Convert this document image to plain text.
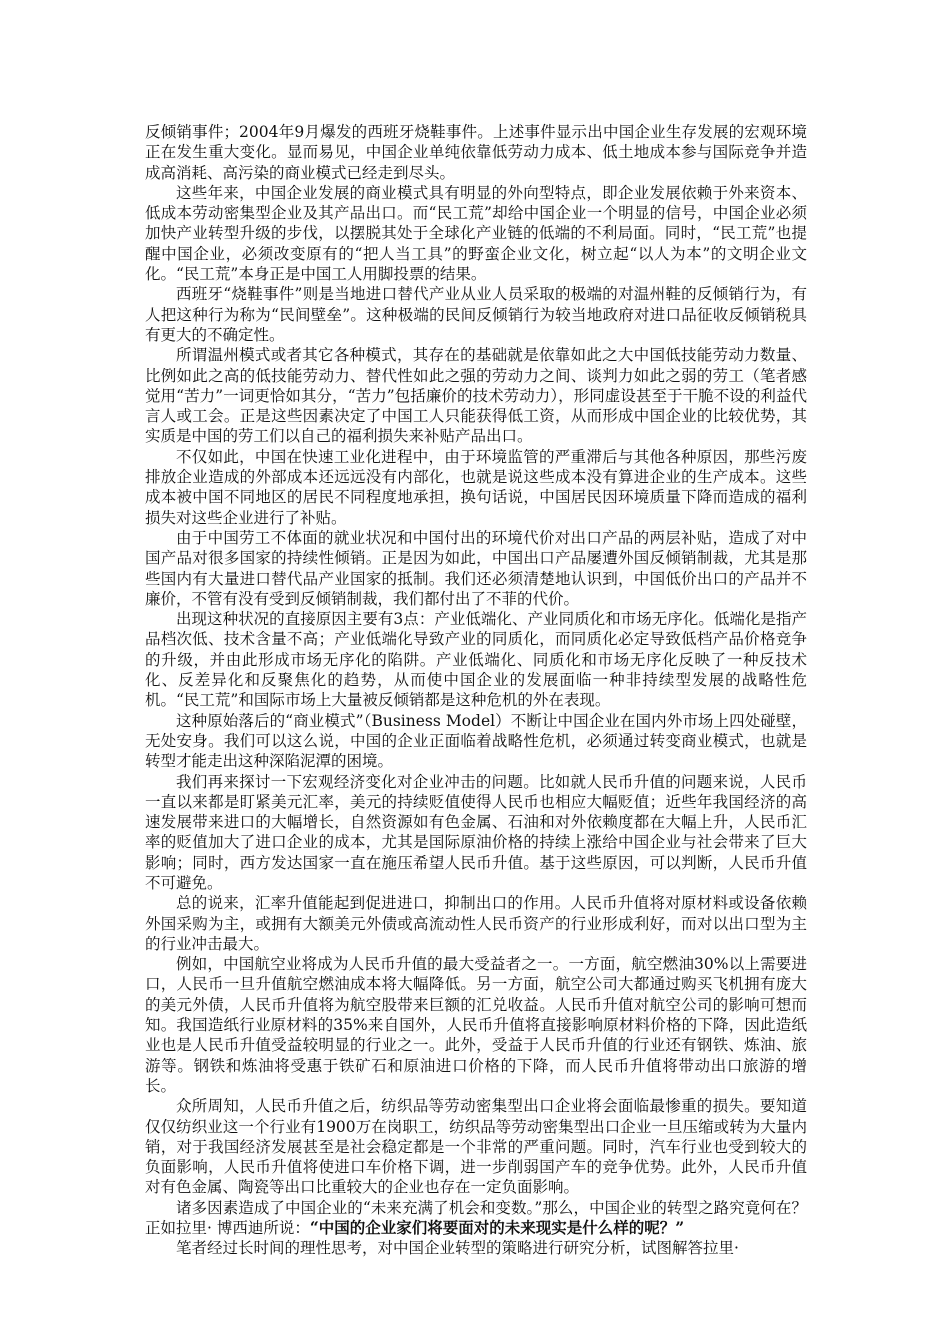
反倾销事件；2004年9月爆发的西班牙烧鞋事件。上述事件显示出中国企业生存发展的宏观环境正在发生重大变化。显而易见，中国企业单纯依靠低劳动力成本、低土地成本参与国际竞争并造成高消耗、高污染的商业模式已经走到尽头。

这些年来，中国企业发展的商业模式具有明显的外向型特点，即企业发展依赖于外来资本、低成本劳动密集型企业及其产品出口。而“民工荒”却给中国企业一个明显的信号，中国企业必须加快产业转型升级的步伐，以摆脱其处于全球化产业链的低端的不利局面。同时，“民工荒”也提醒中国企业，必须改变原有的“把人当工具”的野蛮企业文化，树立起“以人为本”的文明企业文化。“民工荒”本身正是中国工人用脚投票的结果。

西班牙“烧鞋事件”则是当地进口替代产业从业人员采取的极端的对温州鞋的反倾销行为，有人把这种行为称为“民间壁垒”。这种极端的民间反倾销行为较当地政府对进口品征收反倾销税具有更大的不确定性。

所谓温州模式或者其它各种模式，其存在的基础就是依靠如此之大中国低技能劳动力数量、比例如此之高的低技能劳动力、替代性如此之强的劳动力之间、谈判力如此之弱的劳工（笔者感觉用“苦力”一词更恰如其分，“苦力”包括廉价的技术劳动力），形同虚设甚至于干脆不设的利益代言人或工会。正是这些因素决定了中国工人只能获得低工资，从而形成中国企业的比较优势，其实质是中国的劳工们以自己的福利损失来补贴产品出口。

不仅如此，中国在快速工业化进程中，由于环境监管的严重滞后与其他各种原因，那些污废排放企业造成的外部成本还远远没有内部化，也就是说这些成本没有算进企业的生产成本。这些成本被中国不同地区的居民不同程度地承担，换句话说，中国居民因环境质量下降而造成的福利损失对这些企业进行了补贴。

由于中国劳工不体面的就业状况和中国付出的环境代价对出口产品的两层补贴，造成了对中国产品对很多国家的持续性倾销。正是因为如此，中国出口产品屡遭外国反倾销制裁，尤其是那些国内有大量进口替代品产业国家的抵制。我们还必须清楚地认识到，中国低价出口的产品并不廉价，不管有没有受到反倾销制裁，我们都付出了不菲的代价。

出现这种状况的直接原因主要有3点：产业低端化、产业同质化和市场无序化。低端化是指产品档次低、技术含量不高；产业低端化导致产业的同质化，而同质化必定导致低档产品价格竞争的升级，并由此形成市场无序化的陷阱。产业低端化、同质化和市场无序化反映了一种反技术化、反差异化和反聚焦化的趋势，从而使中国企业的发展面临一种非持续型发展的战略性危机。“民工荒”和国际市场上大量被反倾销都是这种危机的外在表现。

这种原始落后的“商业模式”（Business Model）不断让中国企业在国内外市场上四处碰壁，无处安身。我们可以这么说，中国的企业正面临着战略性危机，必须通过转变商业模式，也就是转型才能走出这种深陷泥潭的困境。

我们再来探讨一下宏观经济变化对企业冲击的问题。比如就人民币升值的问题来说，人民币一直以来都是盯紧美元汇率，美元的持续贬值使得人民币也相应大幅贬值；近些年我国经济的高速发展带来进口的大幅增长，自然资源如有色金属、石油和对外依赖度都在大幅上升，人民币汇率的贬值加大了进口企业的成本，尤其是国际原油价格的持续上涨给中国企业与社会带来了巨大影响；同时，西方发达国家一直在施压希望人民币升值。基于这些原因，可以判断，人民币升值不可避免。

总的说来，汇率升值能起到促进进口，抑制出口的作用。人民币升值将对原材料或设备依赖外国采购为主，或拥有大额美元外债或高流动性人民币资产的行业形成利好，而对以出口型为主的行业冲击最大。

例如，中国航空业将成为人民币升值的最大受益者之一。一方面，航空燃油30%以上需要进口，人民币一旦升值航空燃油成本将大幅降低。另一方面，航空公司大都通过购买飞机拥有庞大的美元外债，人民币升值将为航空股带来巨额的汇兑收益。人民币升值对航空公司的影响可想而知。我国造纸行业原材料的35%来自国外，人民币升值将直接影响原材料价格的下降，因此造纸业也是人民币升值受益较明显的行业之一。此外，受益于人民币升值的行业还有钢铁、炼油、旅游等。钢铁和炼油将受惠于铁矿石和原油进口价格的下降，而人民币升值将带动出口旅游的增长。

众所周知，人民币升值之后，纺织品等劳动密集型出口企业将会面临最惨重的损失。要知道仅仅纺织业这一个行业有1900万在岗职工，纺织品等劳动密集型出口企业一旦压缩或转为大量内销，对于我国经济发展甚至是社会稳定都是一个非常的严重问题。同时，汽车行业也受到较大的负面影响，人民币升值将使进口车价格下调，进一步削弱国产车的竞争优势。此外，人民币升值对有色金属、陶瓷等出口比重较大的企业也存在一定负面影响。

诸多因素造成了中国企业的“未来充满了机会和变数。”那么，中国企业的转型之路究竟何在？正如拉里· 博西迪所说：“中国的企业家们将要面对的未来现实是什么样的呢？”

笔者经过长时间的理性思考，对中国企业转型的策略进行研究分析，试图解答拉里·
